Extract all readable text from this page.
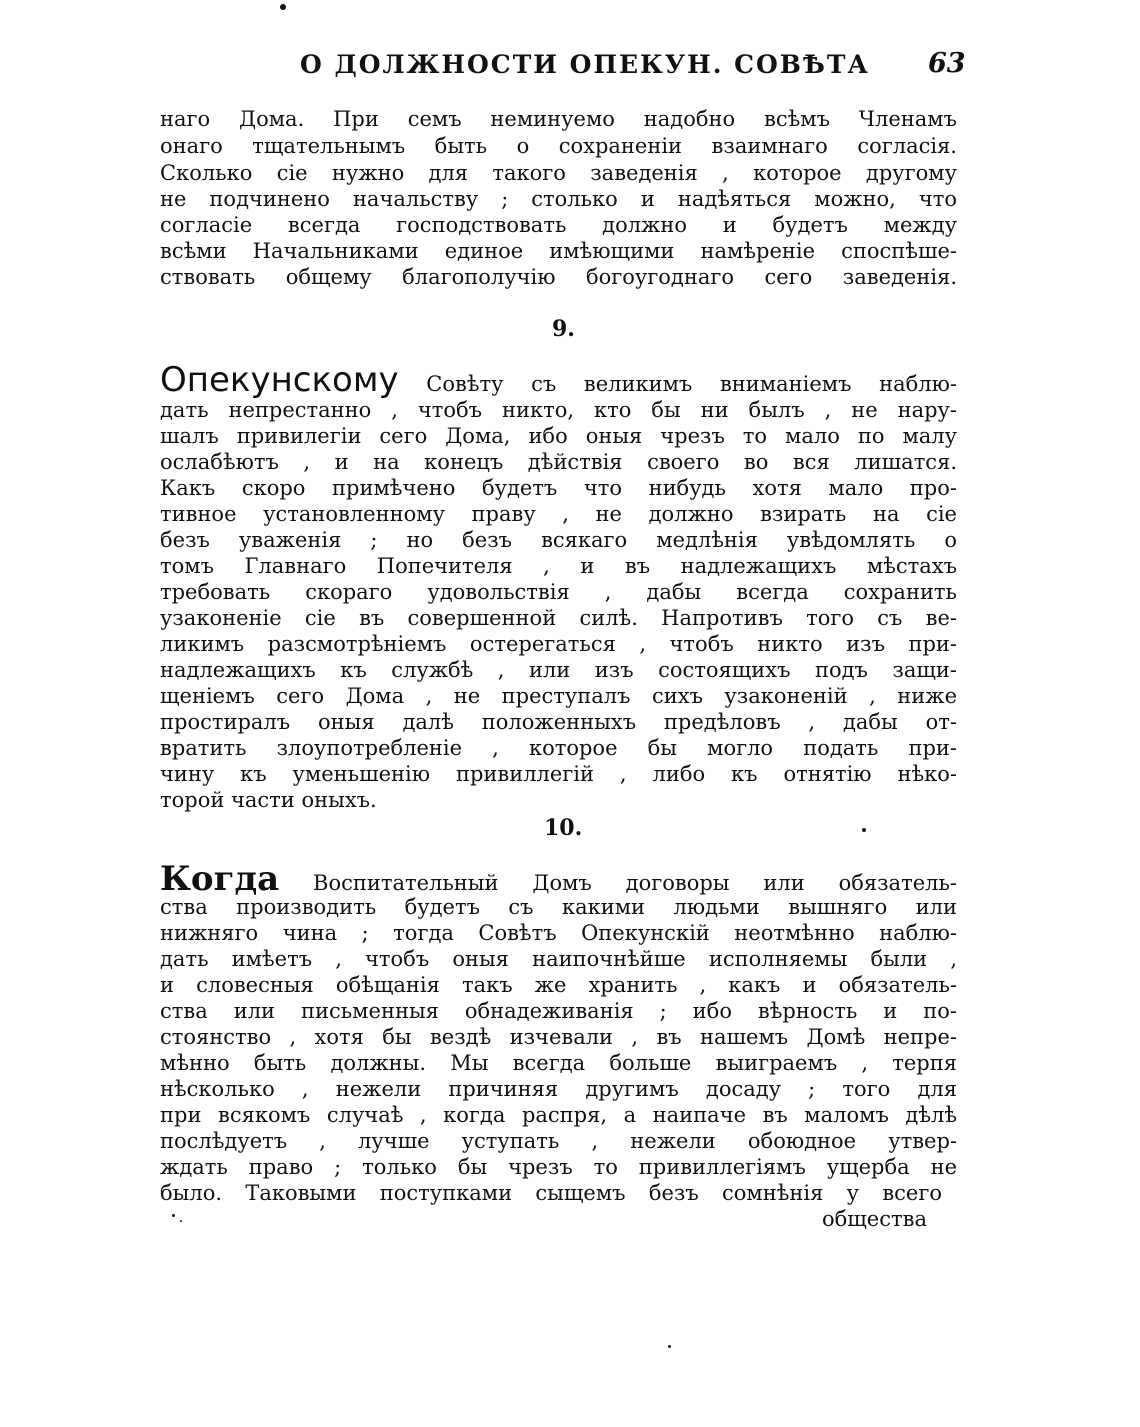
О ДОЛЖНОСТИ ОПЕКУН. СОВѢТА 63
наго Дома. При семъ неминуемо надобно всѣмъ Членамъ
онаго тщательнымъ быть о сохраненiи взаимнаго согласiя.
Сколько сiе нужно для такого заведенiя , которое другому
не подчинено начальству ; столько и надѣяться можно, что
согласiе всегда господствовать должно и будетъ между
всѣми Начальниками единое имѣющими намѣренiе споспѣше-
ствовать общему благополучiю богоугоднаго сего заведенiя.
9.
Опекунскому Совѣту съ великимъ вниманiемъ наблю-
дать непрестанно , чтобъ никто, кто бы ни былъ , не нару-
шалъ привилегiи сего Дома, ибо оныя чрезъ то мало по малу
ослабѣютъ , и на конецъ дѣйствiя своего во вся лишатся.
Какъ скоро примѣчено будетъ что нибудь хотя мало про-
тивное установленному праву , не должно взирать на сiе
безъ уваженiя ; но безъ всякаго медлѣнiя увѣдомлять о
томъ Главнаго Попечителя , и въ надлежащихъ мѣстахъ
требовать скораго удовольствiя , дабы всегда сохранить
узаконенiе сiе въ совершенной силѣ. Напротивъ того съ ве-
ликимъ разсмотрѣнiемъ остерегаться , чтобъ никто изъ при-
надлежащихъ къ службѣ , или изъ состоящихъ подъ защи-
щенiемъ сего Дома , не преступалъ сихъ узаконенiй , ниже
простиралъ оныя далѣ положенныхъ предѣловъ , дабы от-
вратить злоупотребленiе , которое бы могло подать при-
чину къ уменьшенiю привиллегiй , либо къ отнятiю нѣко-
торой части оныхъ.
10.
Когда Воспитательный Домъ договоры или обязатель-
ства производить будетъ съ какими людьми вышняго или
нижняго чина ; тогда Совѣтъ Опекунскiй неотмѣнно наблю-
дать имѣетъ , чтобъ оныя наипочнѣйше исполняемы были ,
и словесныя обѣщанiя такъ же хранить , какъ и обязатель-
ства или письменныя обнадеживанiя ; ибо вѣрность и по-
стоянство , хотя бы вездѣ изчевали , въ нашемъ Домѣ непре-
мѣнно быть должны. Мы всегда больше выиграемъ , терпя
нѣсколько , нежели причиняя другимъ досаду ; того для
при всякомъ случаѣ , когда распря, а наипаче въ маломъ дѣлѣ
послѣдуетъ , лучше уступать , нежели обоюдное утвер-
ждать право ; только бы чрезъ то привиллегiямъ ущерба не
было. Таковыми поступками сыщемъ безъ сомнѣнiя у всего
общества
